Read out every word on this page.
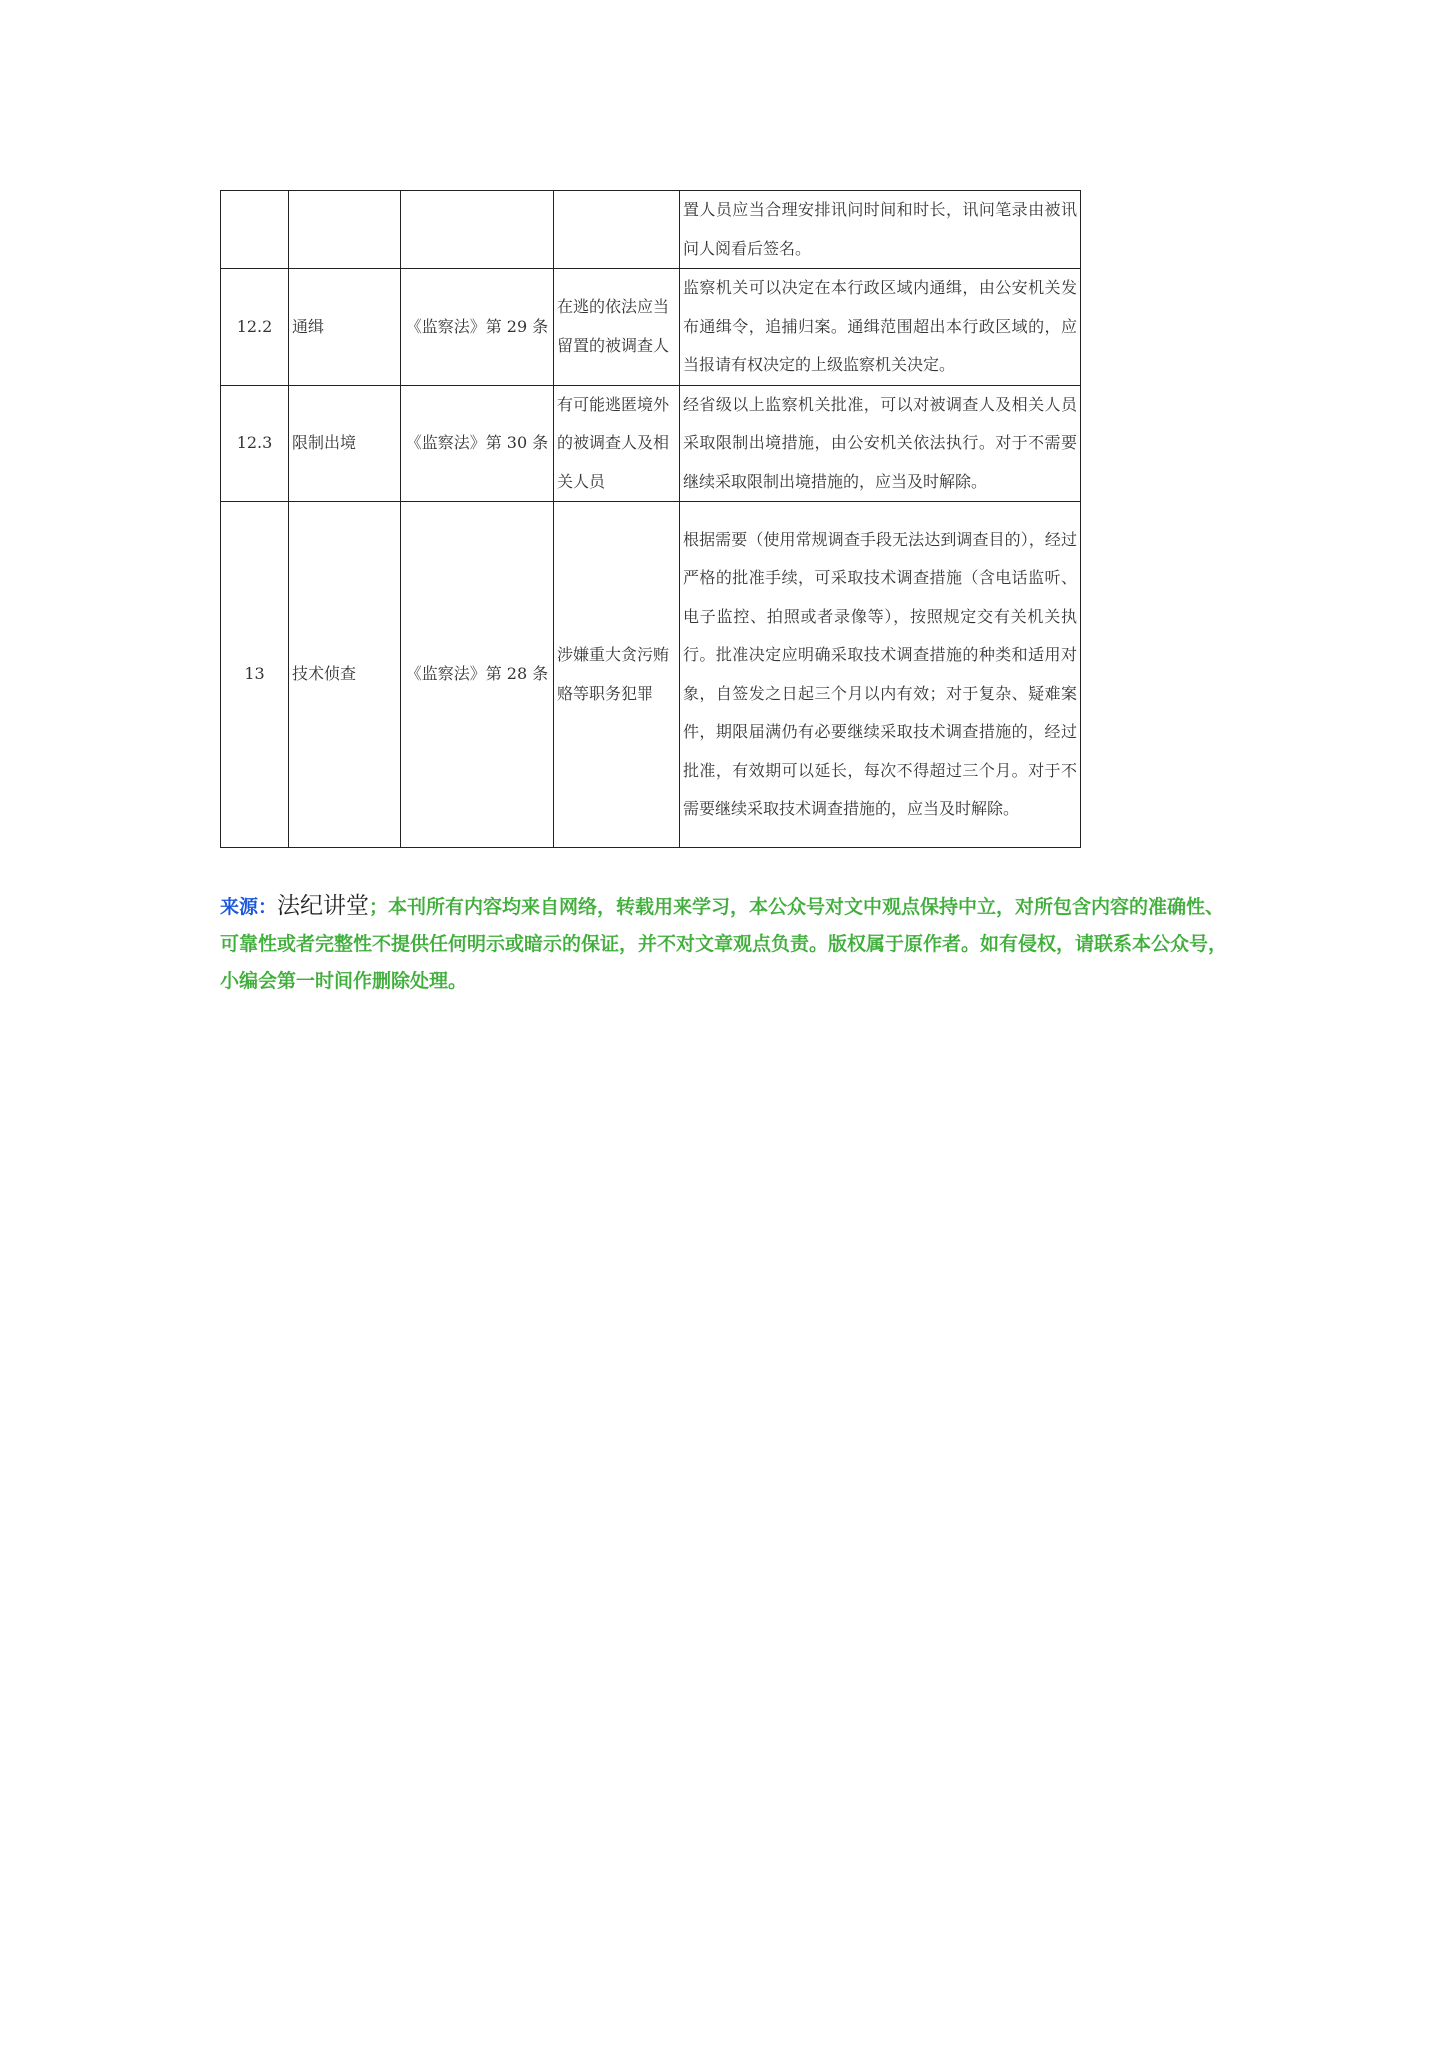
				置人员应当合理安排讯问时间和时长，讯问笔录由被讯问人阅看后签名。
12.2	通缉	《监察法》第 29 条	在逃的依法应当留置的被调查人	监察机关可以决定在本行政区域内通缉，由公安机关发布通缉令，追捕归案。通缉范围超出本行政区域的，应当报请有权决定的上级监察机关决定。
12.3	限制出境	《监察法》第 30 条	有可能逃匿境外的被调查人及相关人员	经省级以上监察机关批准，可以对被调查人及相关人员采取限制出境措施，由公安机关依法执行。对于不需要继续采取限制出境措施的，应当及时解除。
13	技术侦查	《监察法》第 28 条	涉嫌重大贪污贿赂等职务犯罪	根据需要（使用常规调查手段无法达到调查目的），经过严格的批准手续，可采取技术调查措施（含电话监听、电子监控、拍照或者录像等），按照规定交有关机关执行。批准决定应明确采取技术调查措施的种类和适用对象，自签发之日起三个月以内有效；对于复杂、疑难案件，期限届满仍有必要继续采取技术调查措施的，经过批准，有效期可以延长，每次不得超过三个月。对于不需要继续采取技术调查措施的，应当及时解除。

来源：法纪讲堂；本刊所有内容均来自网络，转载用来学习，本公众号对文中观点保持中立，对所包含内容的准确性、可靠性或者完整性不提供任何明示或暗示的保证，并不对文章观点负责。版权属于原作者。如有侵权，请联系本公众号，小编会第一时间作删除处理。
